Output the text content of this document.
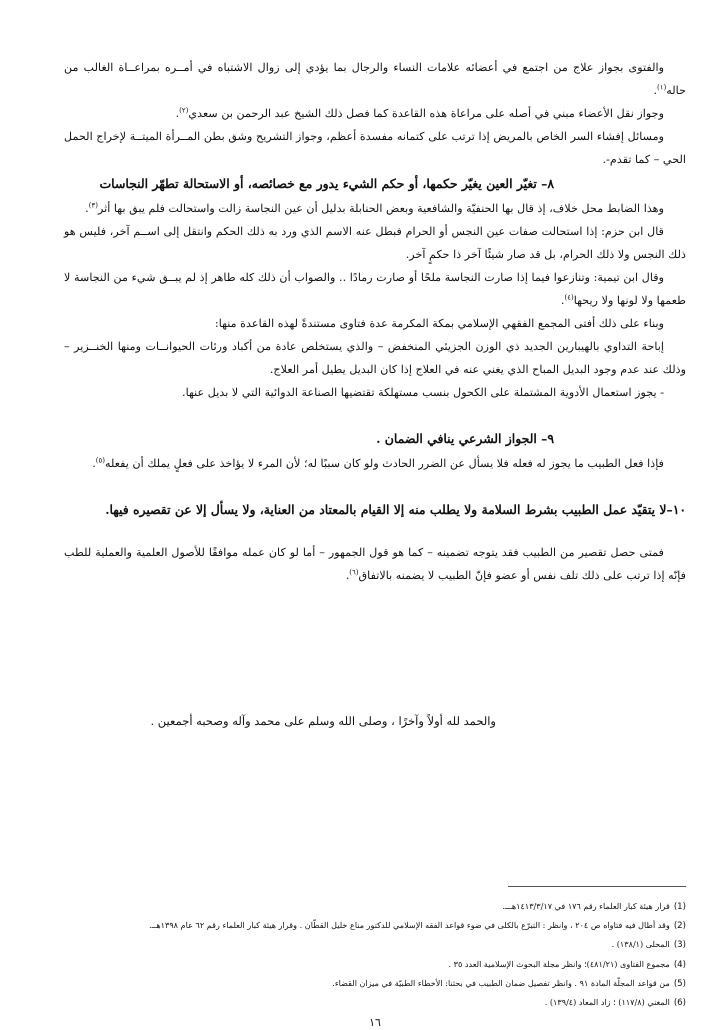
والفتوى بجواز علاج من اجتمع في أعضائه علامات النساء والرجال بما يؤدي إلى زوال الاشتباه في أمــره بمراعــاة الغالب من حاله$^{(١)}$.

وجواز نقل الأعضاء مبني في أصله على مراعاة هذه القاعدة كما فصل ذلك الشيخ عبد الرحمن بن سعدي$^{(٢)}$.

ومسائل إفشاء السر الخاص بالمريض إذا ترتب على كتمانه مفسدة أعظم، وجواز التشريح وشق بطن المــرأة الميتــة لإخراج الحمل الحي – كما تقدم-.

٨– تغيّر العين يغيّر حكمها، أو حكم الشيء يدور مع خصائصه، أو الاستحالة تطهّر النجاسات

وهذا الضابط محل خلاف، إذ قال بها الحنفيّة والشافعية وبعض الحنابلة بدليل أن عين النجاسة زالت واستحالت فلم يبق بها أثر$^{(٣)}$.

قال ابن حزم: إذا استحالت صفات عين النجس أو الحرام فبطل عنه الاسم الذي ورد به ذلك الحكم وانتقل إلى اســم آخر، فليس هو ذلك النجس ولا ذلك الحرام، بل قد صار شيئًا آخر ذا حكمٍ آخر.

وقال ابن تيمية: وتنازعوا فيما إذا صارت النجاسة ملحًا أو صارت رمادًا .. والصواب أن ذلك كله طاهر إذ لم يبــق شيء من النجاسة لا طعمها ولا لونها ولا ريحها$^{(٤)}$.

وبناء على ذلك أفتى المجمع الفقهي الإسلامي بمكة المكرمة عدة فتاوى مستندةً لهذه القاعدة منها:

إباحة التداوي بالهيبارين الجديد ذي الوزن الجزيئي المنخفض – والذي يستخلص عادة من أكباد ورئات الحيوانــات ومنها الخنــزير – وذلك عند عدم وجود البديل المباح الذي يغني عنه في العلاج إذا كان البديل يطيل أمر العلاج.

- يجوز استعمال الأدوية المشتملة على الكحول بنسب مستهلكة تقتضيها الصناعة الدوائية التي لا بديل عنها.

٩– الجواز الشرعي ينافي الضمان .

فإذا فعل الطبيب ما يجوز له فعله فلا يسأل عن الضرر الحادث ولو كان سببًا له؛ لأن المرء لا يؤاخذ على فعلٍ يملك أن يفعله$^{(٥)}$.

١٠–لا يتقيّد عمل الطبيب بشرط السلامة ولا يطلب منه إلا القيام بالمعتاد من العناية، ولا يسأل إلا عن تقصيره فيها.

فمتى حصل تقصير من الطبيب فقد يتوجه تضمينه – كما هو قول الجمهور – أما لو كان عمله موافقًا للأصول العلمية والعملية للطب فإنّه إذا ترتب على ذلك تلف نفس أو عضو فإنّ الطبيب لا يضمنه بالاتفاق$^{(٦)}$.

والحمد لله أولاً وآخرًا ، وصلى الله وسلم على محمد وآله وصحبه أجمعين .

(1)قرار هيئة كبار العلماء رقم ١٧٦ في ١٤١٣/٣/١٧هـــ.
(2)وقد أطال فيه فتاواه ص ٢٠٤ ، وانظر : التبرّع بالكلى في ضوء قواعد الفقه الإسلامي للدكتور مناع خليل القطّان . وقرار هيئة كبار العلماء رقم ٦٢ عام ١٣٩٨هــ.
(3)المحلى (١٣٨/١) .
(4)مجموع الفتاوى (٤٨١/٢١)؛ وانظر مجلة البحوث الإسلامية العدد ٣٥ .
(5)من قواعد المجلّة المادة ٩١ . وانظر تفصيل ضمان الطبيب في بحثنا: الأخطاء الطبيّة في ميزان القضاء.
(6)المغني (١١٧/٨) ؛ زاد المعاد (١٣٩/٤) .
١٦
